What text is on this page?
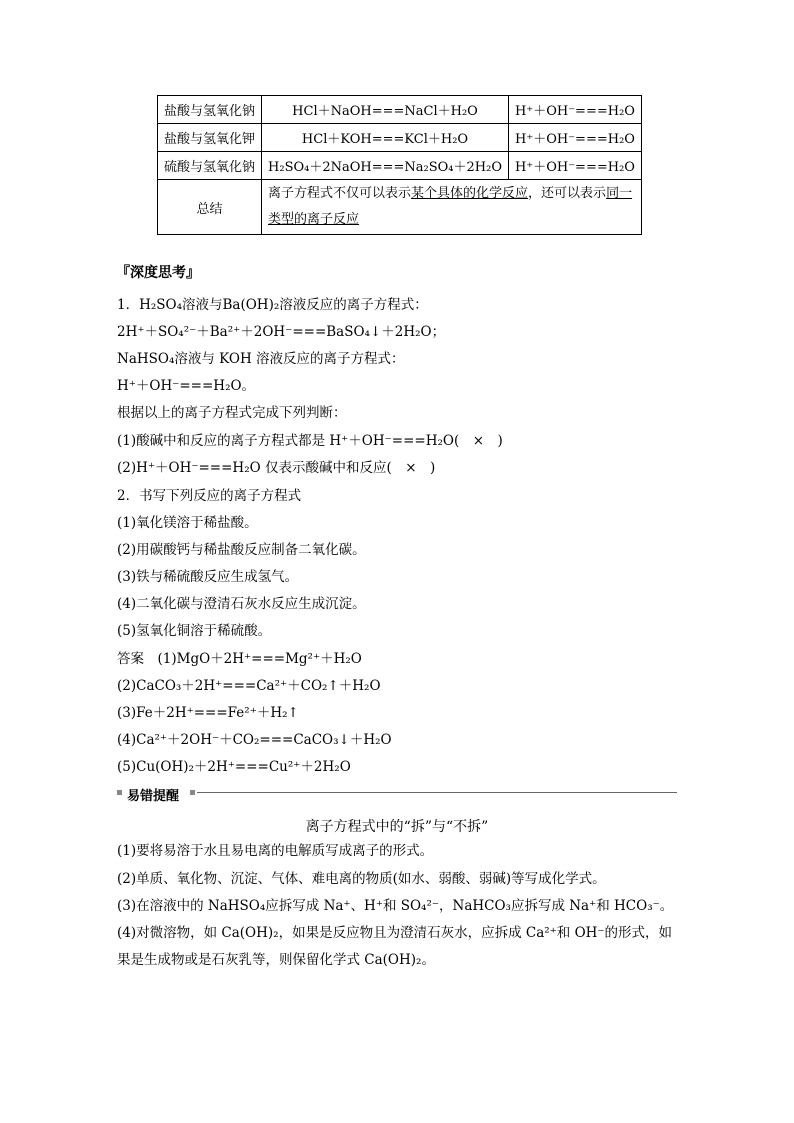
盐酸与氢氧化钠	HCl＋NaOH===NaCl＋H₂O	H⁺＋OH⁻===H₂O
盐酸与氢氧化钾	HCl＋KOH===KCl＋H₂O	H⁺＋OH⁻===H₂O
硫酸与氢氧化钠	H₂SO₄＋2NaOH===Na₂SO₄＋2H₂O	H⁺＋OH⁻===H₂O
总结	离子方程式不仅可以表示某个具体的化学反应，还可以表示同一类型的离子反应	
『深度思考』
1．H₂SO₄溶液与Ba(OH)₂溶液反应的离子方程式：
2H⁺＋SO₄²⁻＋Ba²⁺＋2OH⁻===BaSO₄↓＋2H₂O；
NaHSO₄溶液与 KOH 溶液反应的离子方程式：
H⁺＋OH⁻===H₂O。
根据以上的离子方程式完成下列判断：
(1)酸碱中和反应的离子方程式都是 H⁺＋OH⁻===H₂O(　×　)
(2)H⁺＋OH⁻===H₂O 仅表示酸碱中和反应(　×　)
2．书写下列反应的离子方程式
(1)氧化镁溶于稀盐酸。
(2)用碳酸钙与稀盐酸反应制备二氧化碳。
(3)铁与稀硫酸反应生成氢气。
(4)二氧化碳与澄清石灰水反应生成沉淀。
(5)氢氧化铜溶于稀硫酸。
答案　(1)MgO＋2H⁺===Mg²⁺＋H₂O
(2)CaCO₃＋2H⁺===Ca²⁺＋CO₂↑＋H₂O
(3)Fe＋2H⁺===Fe²⁺＋H₂↑
(4)Ca²⁺＋2OH⁻＋CO₂===CaCO₃↓＋H₂O
(5)Cu(OH)₂＋2H⁺===Cu²⁺＋2H₂O
易错提醒
离子方程式中的“拆”与“不拆”
(1)要将易溶于水且易电离的电解质写成离子的形式。
(2)单质、氧化物、沉淀、气体、难电离的物质(如水、弱酸、弱碱)等写成化学式。
(3)在溶液中的 NaHSO₄应拆写成 Na⁺、H⁺和 SO₄²⁻，NaHCO₃应拆写成 Na⁺和 HCO₃⁻。
(4)对微溶物，如 Ca(OH)₂，如果是反应物且为澄清石灰水，应拆成 Ca²⁺和 OH⁻的形式，如果是生成物或是石灰乳等，则保留化学式 Ca(OH)₂。
